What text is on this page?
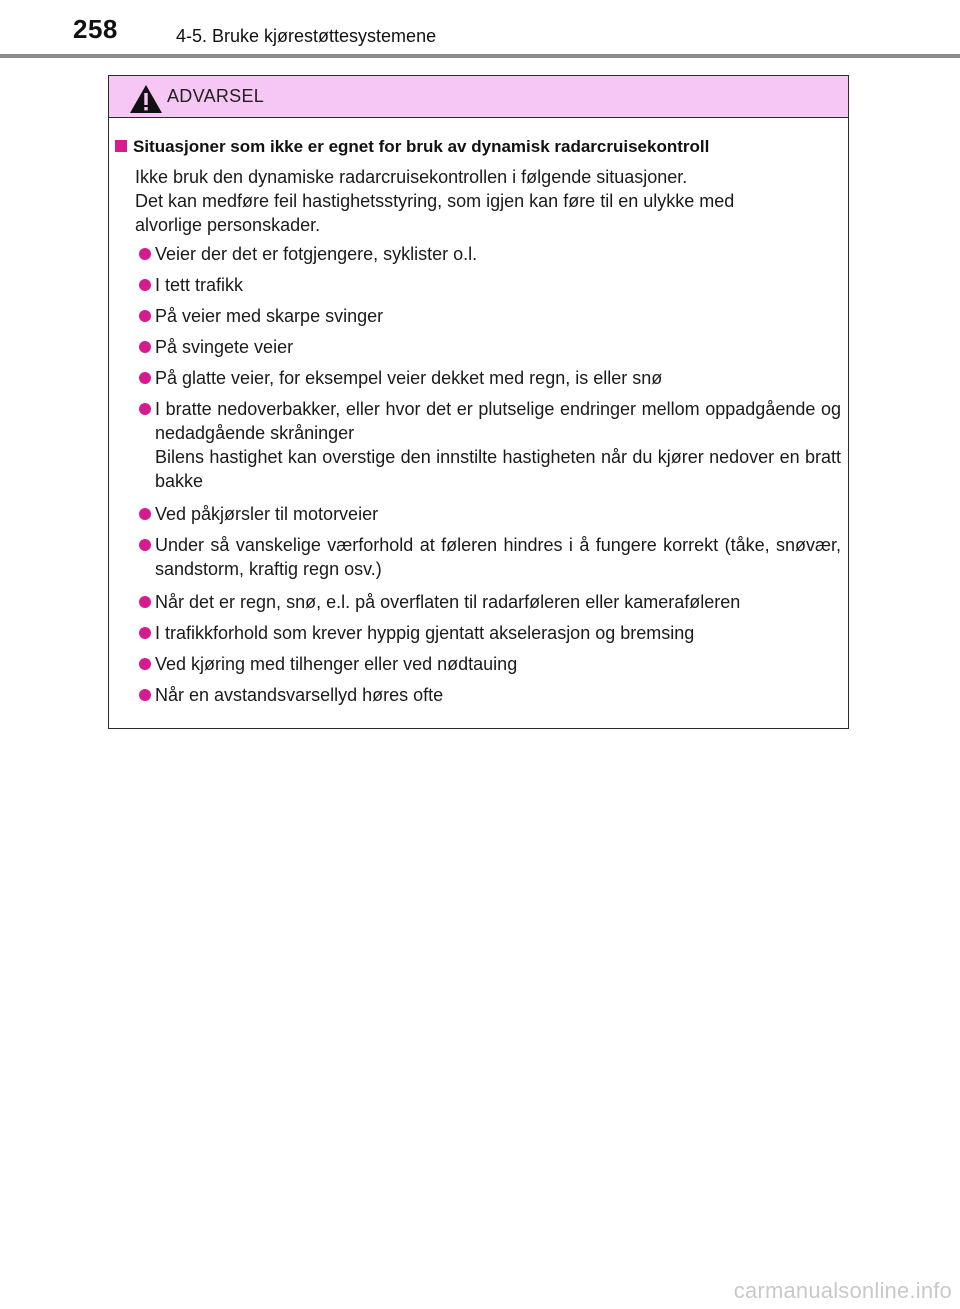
258	4-5. Bruke kjørestøttesystemene
ADVARSEL
Situasjoner som ikke er egnet for bruk av dynamisk radarcruisekontroll
Ikke bruk den dynamiske radarcruisekontrollen i følgende situasjoner.
Det kan medføre feil hastighetsstyring, som igjen kan føre til en ulykke med
alvorlige personskader.
Veier der det er fotgjengere, syklister o.l.
I tett trafikk
På veier med skarpe svinger
På svingete veier
På glatte veier, for eksempel veier dekket med regn, is eller snø
I bratte nedoverbakker, eller hvor det er plutselige endringer mellom oppadgående og nedadgående skråninger
Bilens hastighet kan overstige den innstilte hastigheten når du kjører nedover en bratt bakke
Ved påkjørsler til motorveier
Under så vanskelige værforhold at føleren hindres i å fungere korrekt (tåke, snøvær, sandstorm, kraftig regn osv.)
Når det er regn, snø, e.l. på overflaten til radarføleren eller kameraføleren
I trafikkforhold som krever hyppig gjentatt akselerasjon og bremsing
Ved kjøring med tilhenger eller ved nødtauing
Når en avstandsvarsellyd høres ofte
carmanualsonline.info
